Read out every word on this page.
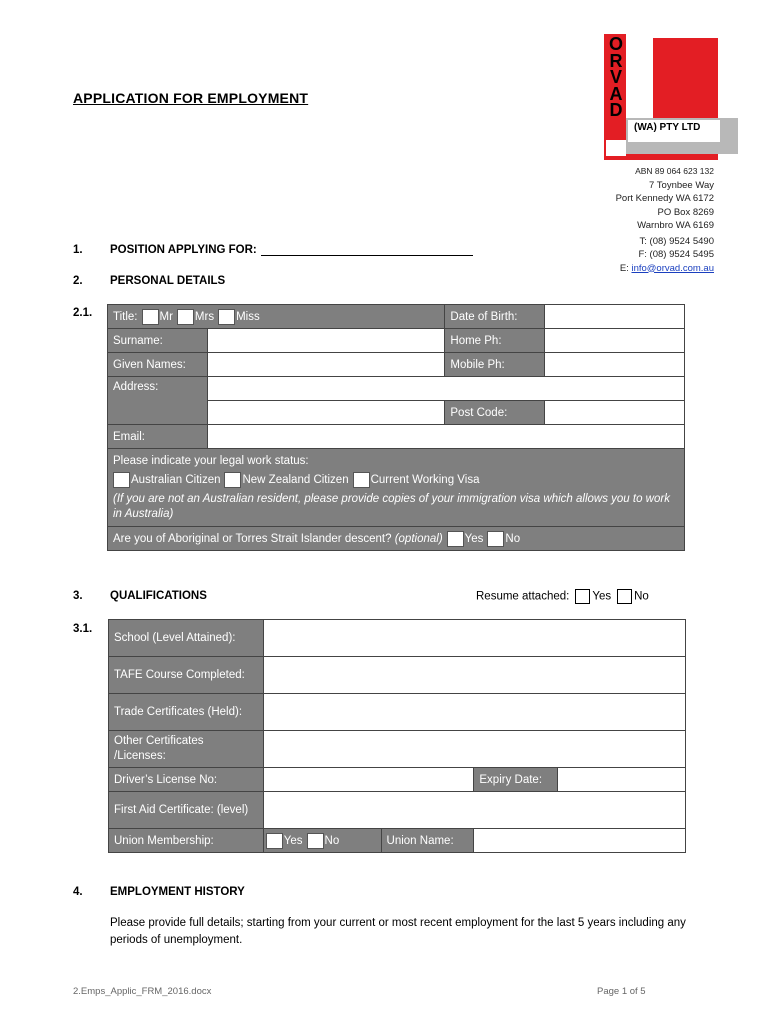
APPLICATION FOR EMPLOYMENT
O
R
V
A
D
(WA) PTY LTD
ABN 89 064 623 132
7 Toynbee Way
Port Kennedy WA 6172
PO Box 8269
Warnbro WA 6169
T: (08) 9524 5490
F: (08) 9524 5495
E: info@orvad.com.au
1. POSITION APPLYING FOR:
2. PERSONAL DETAILS
2.1. Title: Mr Mrs Miss		Date of Birth:	
Surname:		Home Ph:	
Given Names:		Mobile Ph:	
Address:			
		Post Code:	
Email:			

Please indicate your legal work status:
Australian Citizen New Zealand Citizen Current Working Visa
(If you are not an Australian resident, please provide copies of your immigration visa which allows you to work in Australia)			

Are you of Aboriginal or Torres Strait Islander descent? (optional) Yes No			
3. QUALIFICATIONS	Resume attached: Yes No
3.1.
School (Level Attained):				
TAFE Course Completed:				
Trade Certificates (Held):				
Other Certificates /Licenses:				
Driver’s License No:			Expiry Date:	
First Aid Certificate: (level)				
Union Membership:	Yes No	Union Name:		
4. EMPLOYMENT HISTORY
Please provide full details; starting from your current or most recent employment for the last 5 years including any periods of unemployment.
2.Emps_Applic_FRM_2016.docx	Page 1 of 5
